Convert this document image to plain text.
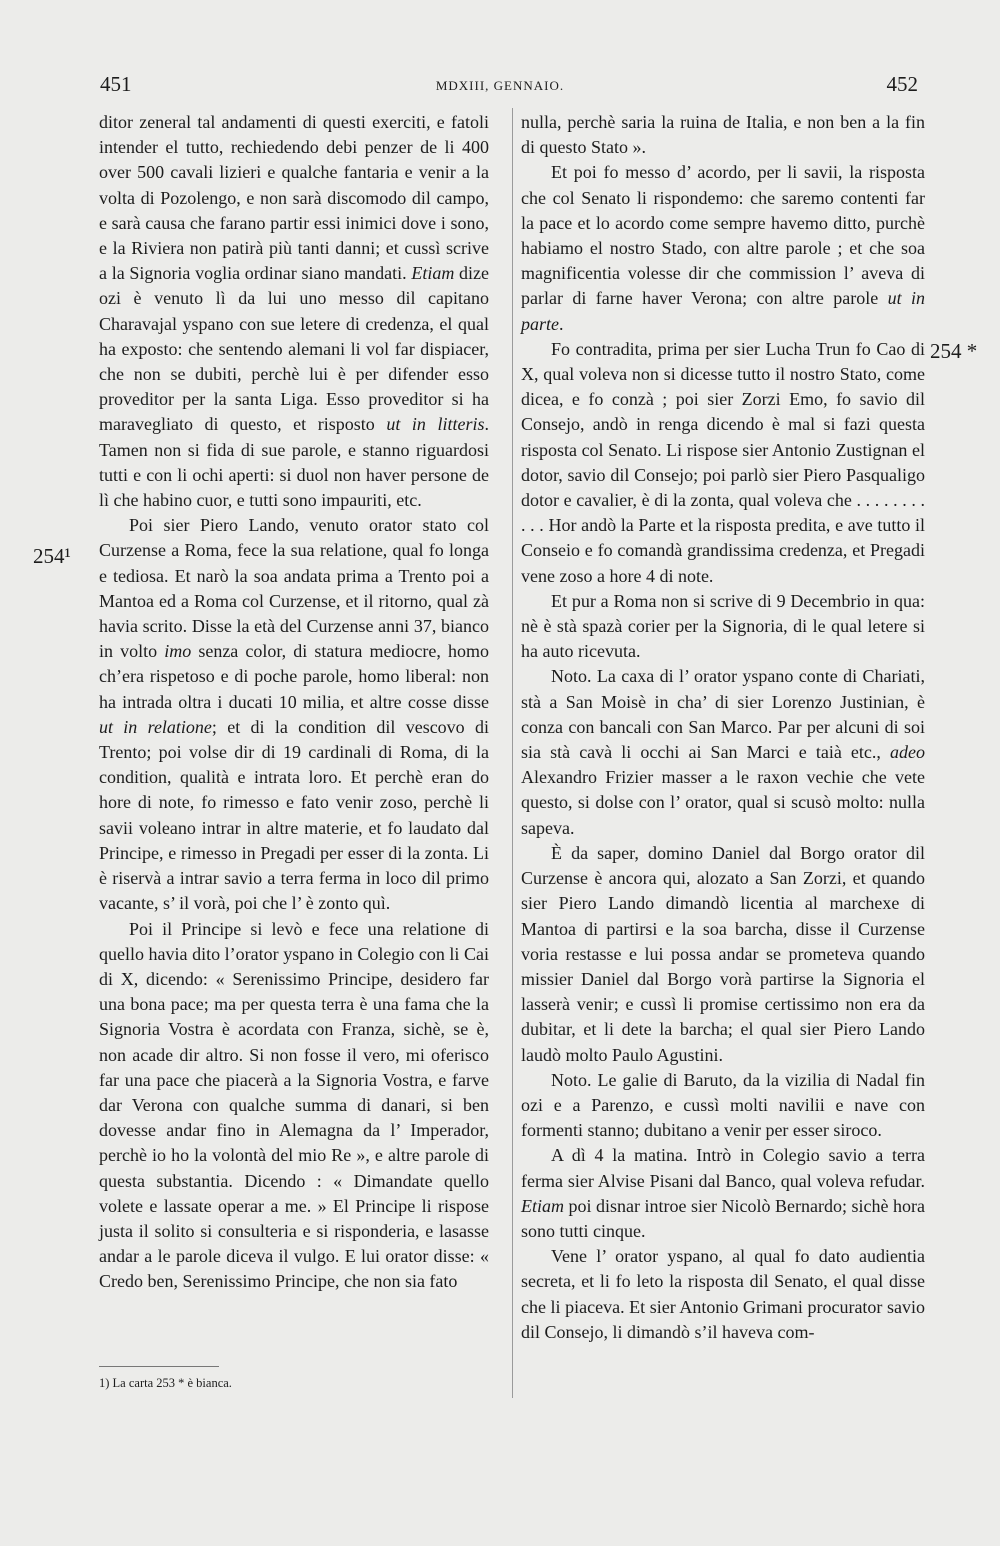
451	MDXIII, GENNAIO.	452
254¹
254 *

ditor zeneral tal andamenti di questi exerciti, e fatoli intender el tutto, rechiedendo debi penzer de li 400 over 500 cavali lizieri e qualche fantaria e venir a la volta di Pozolengo, e non sarà discomodo dil campo, e sarà causa che farano partir essi inimici dove i sono, e la Riviera non patirà più tanti danni; et cussì scrive a la Signoria voglia ordinar siano mandati. Etiam dize ozi è venuto lì da lui uno messo dil capitano Charavajal yspano con sue letere di credenza, el qual ha exposto: che sentendo alemani li vol far dispiacer, che non se dubiti, perchè lui è per difender esso proveditor per la santa Liga. Esso proveditor si ha maravegliato di questo, et risposto ut in litteris. Tamen non si fida di sue parole, e stanno riguardosi tutti e con li ochi aperti: si duol non haver persone de lì che habino cuor, e tutti sono impauriti, etc.

Poi sier Piero Lando, venuto orator stato col Curzense a Roma, fece la sua relatione, qual fo longa e tediosa. Et narò la soa andata prima a Trento poi a Mantoa ed a Roma col Curzense, et il ritorno, qual zà havia scrito. Disse la età del Curzense anni 37, bianco in volto imo senza color, di statura mediocre, homo ch’era rispetoso e di poche parole, homo liberal: non ha intrada oltra i ducati 10 milia, et altre cosse disse ut in relatione; et di la condition dil vescovo di Trento; poi volse dir di 19 cardinali di Roma, di la condition, qualità e intrata loro. Et perchè eran do hore di note, fo rimesso e fato venir zoso, perchè li savii voleano intrar in altre materie, et fo laudato dal Principe, e rimesso in Pregadi per esser di la zonta. Li è riservà a intrar savio a terra ferma in loco dil primo vacante, s’ il vorà, poi che l’ è zonto quì.

Poi il Principe si levò e fece una relatione di quello havia dito l’orator yspano in Colegio con li Cai di X, dicendo: « Serenissimo Principe, desidero far una bona pace; ma per questa terra è una fama che la Signoria Vostra è acordata con Franza, sichè, se è, non acade dir altro. Si non fosse il vero, mi oferisco far una pace che piacerà a la Signoria Vostra, e farve dar Verona con qualche summa di danari, si ben dovesse andar fino in Alemagna da l’ Imperador, perchè io ho la volontà del mio Re », e altre parole di questa substantia. Dicendo : « Dimandate quello volete e lassate operar a me. » El Principe li rispose justa il solito si consulteria e si risponderia, e lasasse andar a le parole diceva il vulgo. E lui orator disse: « Credo ben, Serenissimo Principe, che non sia fato

nulla, perchè saria la ruina de Italia, e non ben a la fin di questo Stato ».

Et poi fo messo d’ acordo, per li savii, la risposta che col Senato li rispondemo: che saremo contenti far la pace et lo acordo come sempre havemo ditto, purchè habiamo el nostro Stado, con altre parole ; et che soa magnificentia volesse dir che commission l’ aveva di parlar di farne haver Verona; con altre parole ut in parte.

Fo contradita, prima per sier Lucha Trun fo Cao di X, qual voleva non si dicesse tutto il nostro Stato, come dicea, e fo conzà ; poi sier Zorzi Emo, fo savio dil Consejo, andò in renga dicendo è mal si fazi questa risposta col Senato. Li rispose sier Antonio Zustignan el dotor, savio dil Consejo; poi parlò sier Piero Pasqualigo dotor e cavalier, è di la zonta, qual voleva che . . . . . . . . . . . Hor andò la Parte et la risposta predita, e ave tutto il Conseio e fo comandà grandissima credenza, et Pregadi vene zoso a hore 4 di note.

Et pur a Roma non si scrive di 9 Decembrio in qua: nè è stà spazà corier per la Signoria, di le qual letere si ha auto ricevuta.

Noto. La caxa di l’ orator yspano conte di Chariati, stà a San Moisè in cha’ di sier Lorenzo Justinian, è conza con bancali con San Marco. Par per alcuni di soi sia stà cavà li occhi ai San Marci e taià etc., adeo Alexandro Frizier masser a le raxon vechie che vete questo, si dolse con l’ orator, qual si scusò molto: nulla sapeva.

È da saper, domino Daniel dal Borgo orator dil Curzense è ancora qui, alozato a San Zorzi, et quando sier Piero Lando dimandò licentia al marchexe di Mantoa di partirsi e la soa barcha, disse il Curzense voria restasse e lui possa andar se prometeva quando missier Daniel dal Borgo vorà partirse la Signoria el lasserà venir; e cussì li promise certissimo non era da dubitar, et li dete la barcha; el qual sier Piero Lando laudò molto Paulo Agustini.

Noto. Le galie di Baruto, da la vizilia di Nadal fin ozi e a Parenzo, e cussì molti navilii e nave con formenti stanno; dubitano a venir per esser siroco.

A dì 4 la matina. Intrò in Colegio savio a terra ferma sier Alvise Pisani dal Banco, qual voleva refudar. Etiam poi disnar introe sier Nicolò Bernardo; sichè hora sono tutti cinque.

Vene l’ orator yspano, al qual fo dato audientia secreta, et li fo leto la risposta dil Senato, el qual disse che li piaceva. Et sier Antonio Grimani procurator savio dil Consejo, li dimandò s’il haveva com-

1) La carta 253 * è bianca.
